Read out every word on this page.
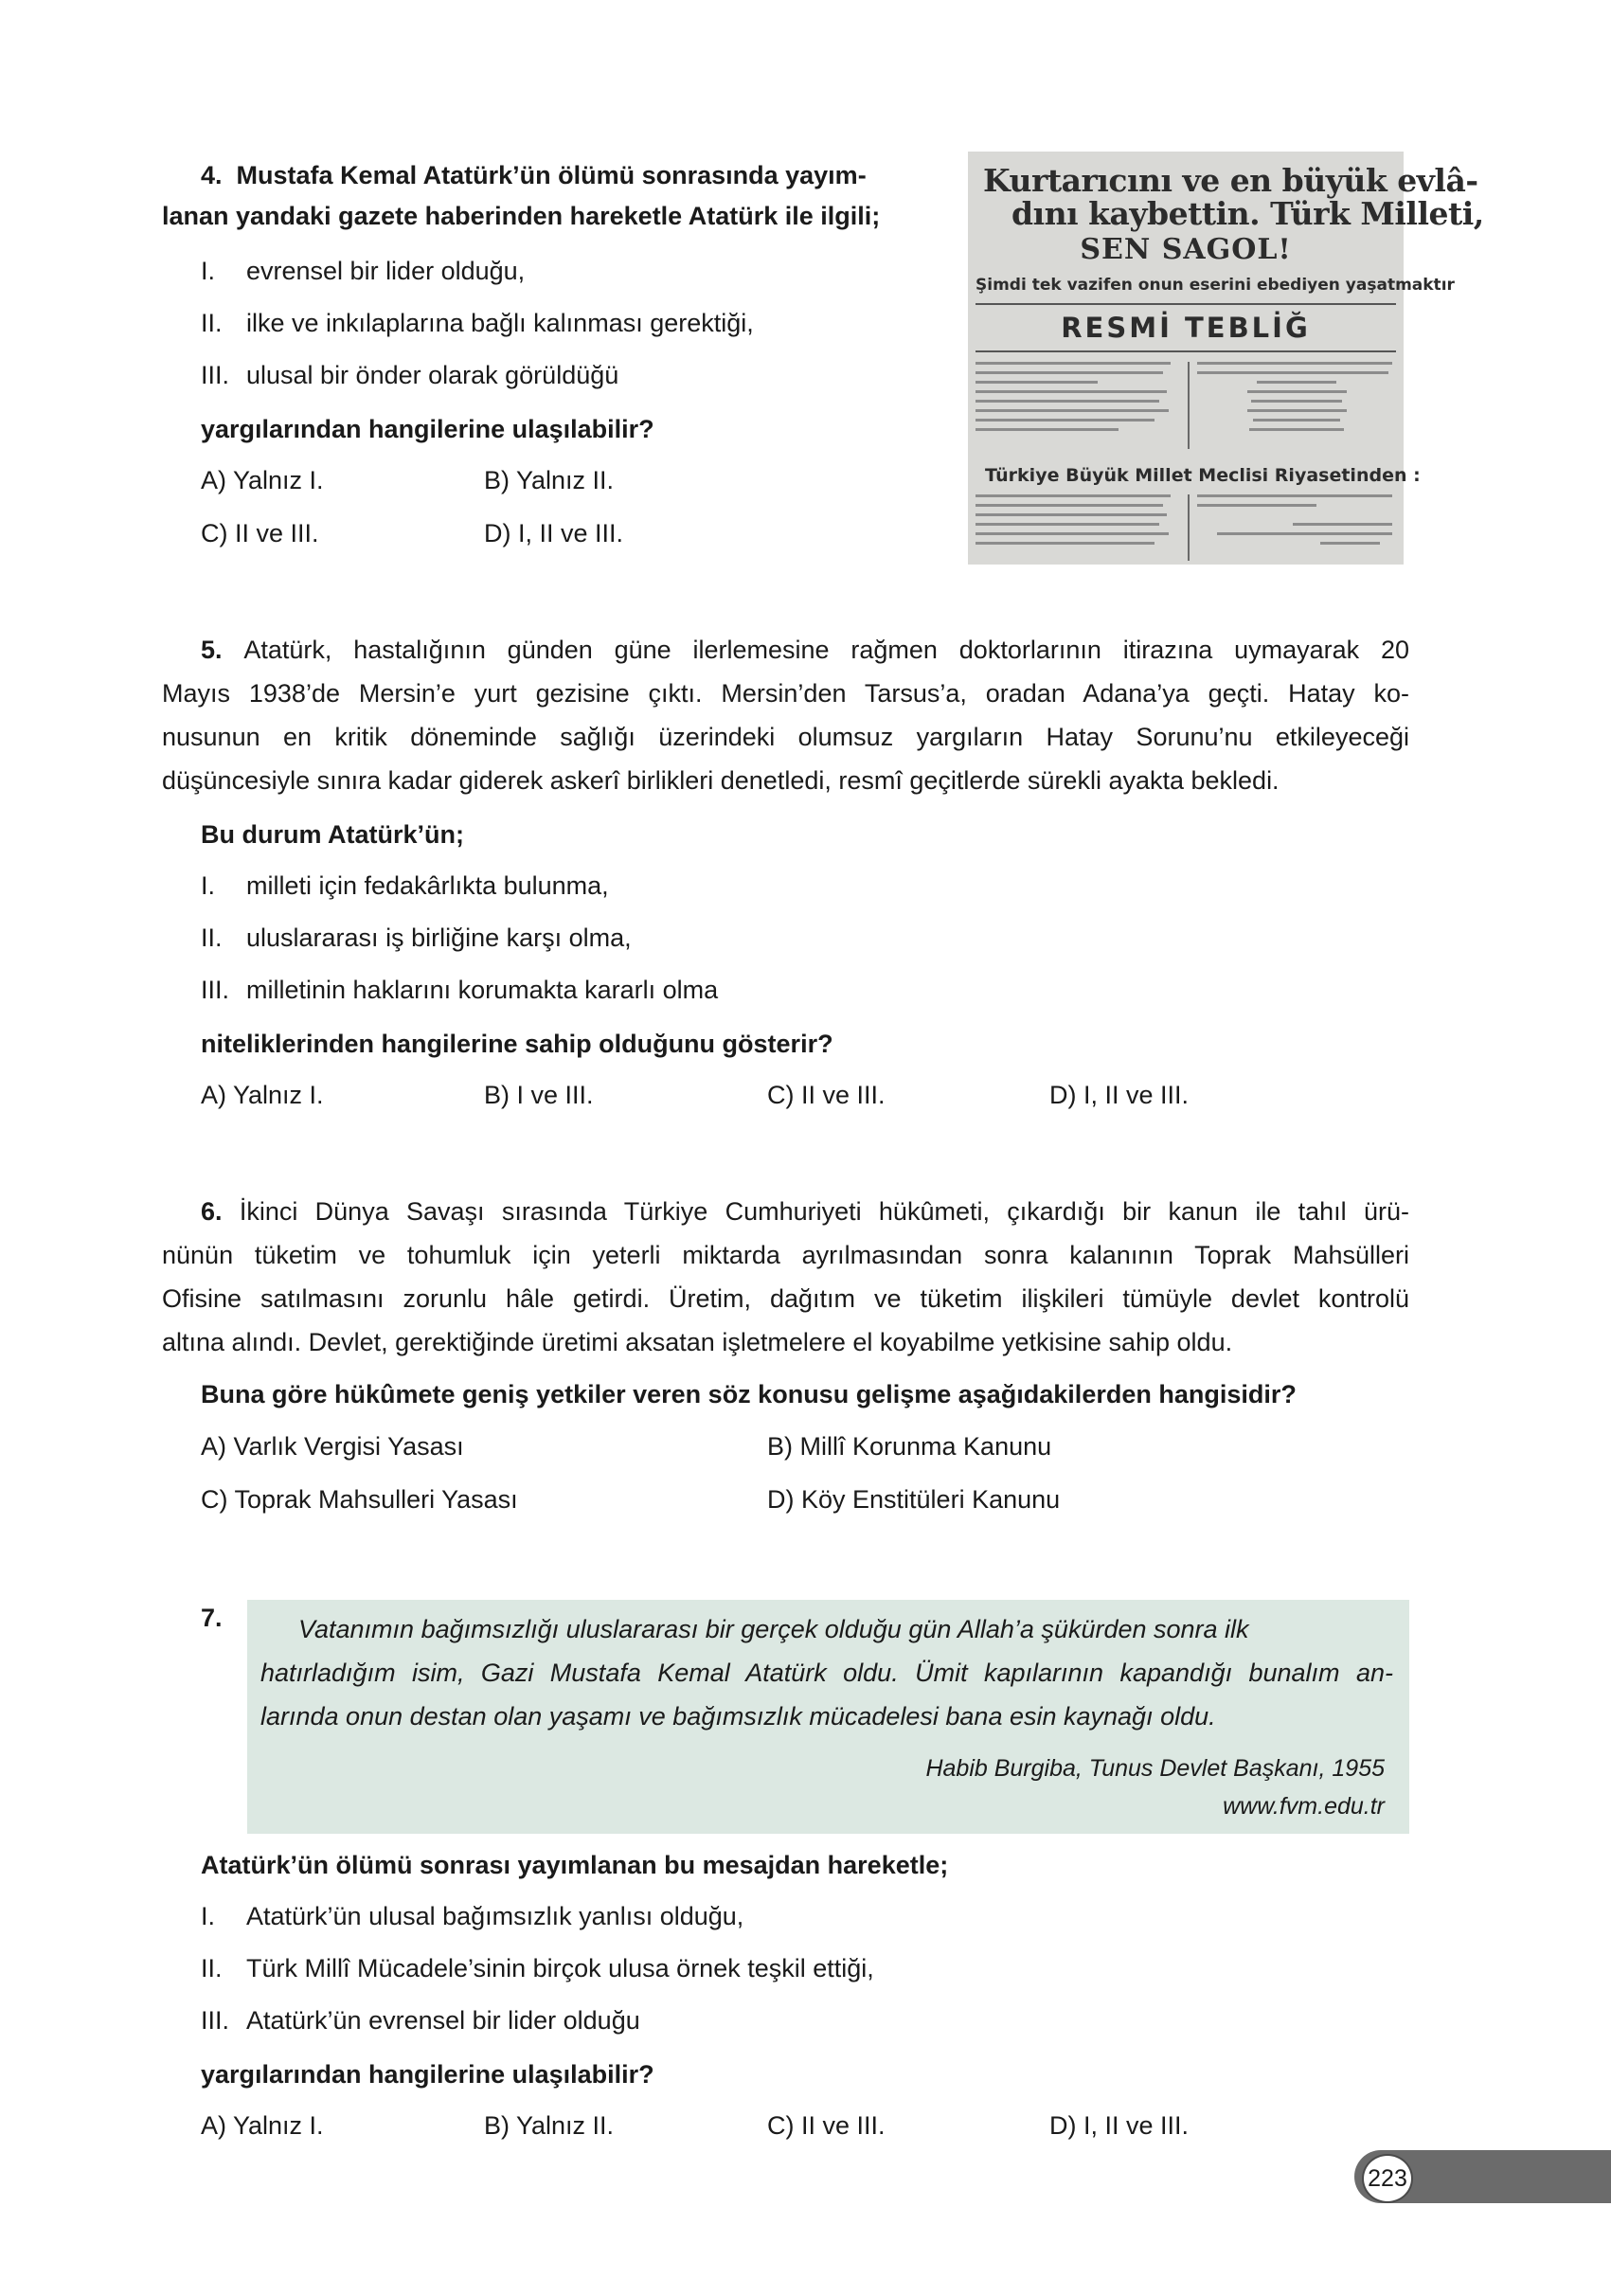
4. Mustafa Kemal Atatürk’ün ölümü sonrasında yayım-
lanan yandaki gazete haberinden hareketle Atatürk ile ilgili;
I. evrensel bir lider olduğu,
II. ilke ve inkılaplarına bağlı kalınması gerektiği,
III. ulusal bir önder olarak görüldüğü
yargılarından hangilerine ulaşılabilir?
A) Yalnız I.	B) Yalnız II.
C) II ve III.	D) I, II ve III.
Kurtarıcını ve en büyük evlâ-
dını kaybettin. Türk Milleti,
SEN SAGOL!
Şimdi tek vazifen onun eserini ebediyen yaşatmaktır
RESMİ TEBLİĞ
Türkiye Büyük Millet Meclisi Riyasetinden :
5. Atatürk, hastalığının günden güne ilerlemesine rağmen doktorlarının itirazına uymayarak 20
Mayıs 1938’de Mersin’e yurt gezisine çıktı. Mersin’den Tarsus’a, oradan Adana’ya geçti. Hatay ko-
nusunun en kritik döneminde sağlığı üzerindeki olumsuz yargıların Hatay Sorunu’nu etkileyeceği
düşüncesiyle sınıra kadar giderek askerî birlikleri denetledi, resmî geçitlerde sürekli ayakta bekledi.
Bu durum Atatürk’ün;
I. milleti için fedakârlıkta bulunma,
II. uluslararası iş birliğine karşı olma,
III. milletinin haklarını korumakta kararlı olma
niteliklerinden hangilerine sahip olduğunu gösterir?
A) Yalnız I.	B) I ve III.	C) II ve III.	D) I, II ve III.
6. İkinci Dünya Savaşı sırasında Türkiye Cumhuriyeti hükûmeti, çıkardığı bir kanun ile tahıl ürü-
nünün tüketim ve tohumluk için yeterli miktarda ayrılmasından sonra kalanının Toprak Mahsülleri
Ofisine satılmasını zorunlu hâle getirdi. Üretim, dağıtım ve tüketim ilişkileri tümüyle devlet kontrolü
altına alındı. Devlet, gerektiğinde üretimi aksatan işletmelere el koyabilme yetkisine sahip oldu.
Buna göre hükûmete geniş yetkiler veren söz konusu gelişme aşağıdakilerden hangisidir?
A) Varlık Vergisi Yasası	B) Millî Korunma Kanunu
C) Toprak Mahsulleri Yasası	D) Köy Enstitüleri Kanunu
7.	Vatanımın bağımsızlığı uluslararası bir gerçek olduğu gün Allah’a şükürden sonra ilk
hatırladığım isim, Gazi Mustafa Kemal Atatürk oldu. Ümit kapılarının kapandığı bunalım an-
larında onun destan olan yaşamı ve bağımsızlık mücadelesi bana esin kaynağı oldu.
Habib Burgiba, Tunus Devlet Başkanı, 1955
www.fvm.edu.tr
Atatürk’ün ölümü sonrası yayımlanan bu mesajdan hareketle;
I. Atatürk’ün ulusal bağımsızlık yanlısı olduğu,
II. Türk Millî Mücadele’sinin birçok ulusa örnek teşkil ettiği,
III. Atatürk’ün evrensel bir lider olduğu
yargılarından hangilerine ulaşılabilir?
A) Yalnız I.	B) Yalnız II.	C) II ve III.	D) I, II ve III.
223
